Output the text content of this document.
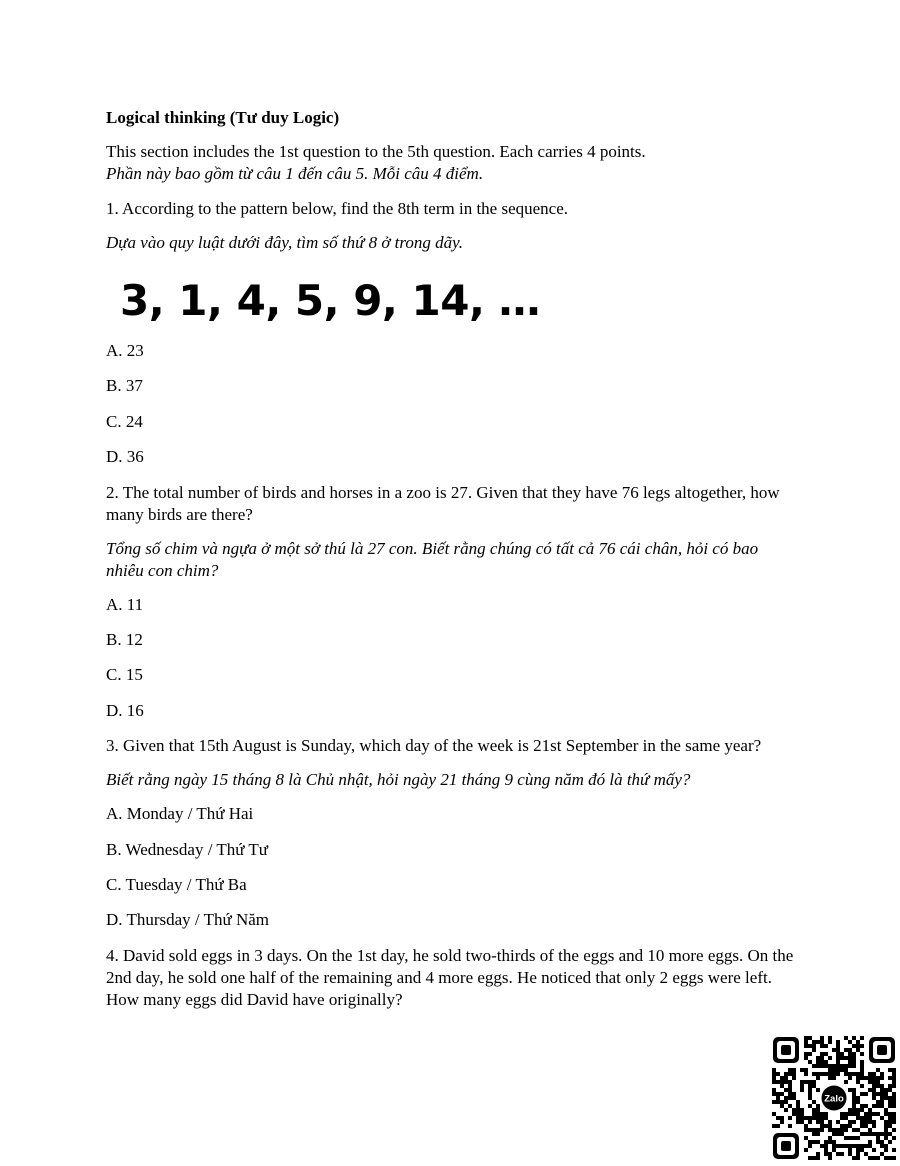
Logical thinking (Tư duy Logic)
This section includes the 1st question to the 5th question. Each carries 4 points.
Phần này bao gồm từ câu 1 đến câu 5. Mỗi câu 4 điểm.
1. According to the pattern below, find the 8th term in the sequence.
Dựa vào quy luật dưới đây, tìm số thứ 8 ở trong dãy.
3, 1, 4, 5, 9, 14, …
A. 23
B. 37
C. 24
D. 36
2. The total number of birds and horses in a zoo is 27. Given that they have 76 legs altogether, how many birds are there?
Tổng số chim và ngựa ở một sở thú là 27 con. Biết rằng chúng có tất cả 76 cái chân, hỏi có bao nhiêu con chim?
A. 11
B. 12
C. 15
D. 16
3. Given that 15th August is Sunday, which day of the week is 21st September in the same year?
Biết rằng ngày 15 tháng 8 là Chủ nhật, hỏi ngày 21 tháng 9 cùng năm đó là thứ mấy?
A. Monday / Thứ Hai
B. Wednesday / Thứ Tư
C. Tuesday / Thứ Ba
D. Thursday / Thứ Năm
4. David sold eggs in 3 days. On the 1st day, he sold two-thirds of the eggs and 10 more eggs. On the 2nd day, he sold one half of the remaining and 4 more eggs. He noticed that only 2 eggs were left. How many eggs did David have originally?
Zalo
